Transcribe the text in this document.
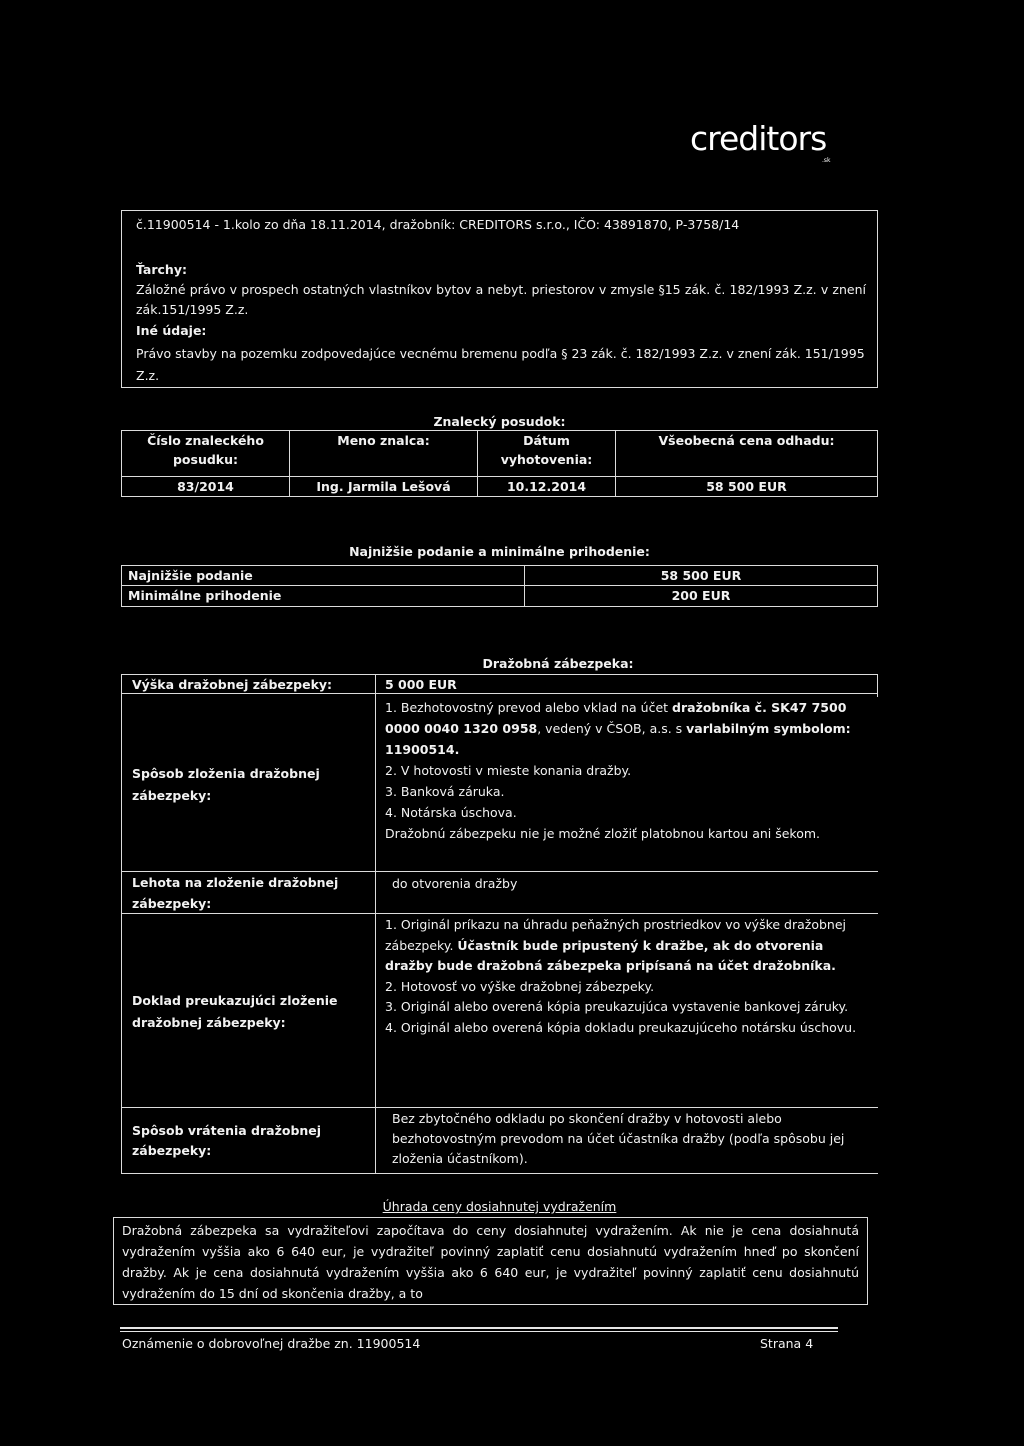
creditors
.sk
č.11900514 - 1.kolo zo dňa 18.11.2014, dražobník: CREDITORS s.r.o., IČO: 43891870, P-3758/14
Ťarchy:
Záložné právo v prospech ostatných vlastníkov bytov a nebyt. priestorov v zmysle §15 zák. č. 182/1993 Z.z. v znení zák.151/1995 Z.z.
Iné údaje:
Právo stavby na pozemku zodpovedajúce vecnému bremenu podľa § 23 zák. č. 182/1993 Z.z. v znení zák. 151/1995 Z.z.
Znalecký posudok:
Číslo znaleckého posudku:	Meno znalca:	Dátum vyhotovenia:	Všeobecná cena odhadu:
83/2014	Ing. Jarmila Lešová	10.12.2014	58 500 EUR
Najnižšie podanie a minimálne prihodenie:
Najnižšie podanie	58 500 EUR
Minimálne prihodenie	200 EUR
Dražobná zábezpeka:
Výška dražobnej zábezpeky:	5 000 EUR
Spôsob zloženia dražobnej zábezpeky:
1. Bezhotovostný prevod alebo vklad na účet dražobníka č. SK47 7500 0000 0040 1320 0958, vedený v ČSOB, a.s. s varlabilným symbolom: 11900514.
2. V hotovosti v mieste konania dražby.
3. Banková záruka.
4. Notárska úschova.
Dražobnú zábezpeku nie je možné zložiť platobnou kartou ani šekom.
Lehota na zloženie dražobnej zábezpeky:
do otvorenia dražby
Doklad preukazujúci zloženie dražobnej zábezpeky:
1. Originál príkazu na úhradu peňažných prostriedkov vo výške dražobnej zábezpeky. Účastník bude pripustený k dražbe, ak do otvorenia dražby bude dražobná zábezpeka pripísaná na účet dražobníka.
2. Hotovosť vo výške dražobnej zábezpeky.
3. Originál alebo overená kópia preukazujúca vystavenie bankovej záruky.
4. Originál alebo overená kópia dokladu preukazujúceho notársku úschovu.
Spôsob vrátenia dražobnej zábezpeky:
Bez zbytočného odkladu po skončení dražby v hotovosti alebo bezhotovostným prevodom na účet účastníka dražby (podľa spôsobu jej zloženia účastníkom).
Úhrada ceny dosiahnutej vydražením
Dražobná zábezpeka sa vydražiteľovi započítava do ceny dosiahnutej vydražením. Ak nie je cena dosiahnutá vydražením vyššia ako 6 640 eur, je vydražiteľ povinný zaplatiť cenu dosiahnutú vydražením hneď po skončení dražby. Ak je cena dosiahnutá vydražením vyššia ako 6 640 eur, je vydražiteľ povinný zaplatiť cenu dosiahnutú vydražením do 15 dní od skončenia dražby, a to
Oznámenie o dobrovoľnej dražbe zn. 11900514	Strana 4
